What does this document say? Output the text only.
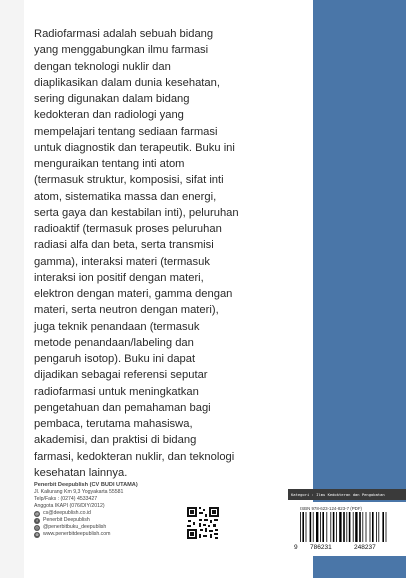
Radiofarmasi adalah sebuah bidang

yang menggabungkan ilmu farmasi

dengan teknologi nuklir dan

diaplikasikan dalam dunia kesehatan,

sering digunakan dalam bidang

kedokteran dan radiologi yang

mempelajari tentang sediaan farmasi

untuk diagnostik dan terapeutik. Buku ini

menguraikan tentang inti atom

(termasuk struktur, komposisi, sifat inti

atom, sistematika massa dan energi,

serta gaya dan kestabilan inti), peluruhan

radioaktif (termasuk proses peluruhan

radiasi alfa dan beta, serta transmisi

gamma), interaksi materi (termasuk

interaksi ion positif dengan materi,

elektron dengan materi, gamma dengan

materi, serta neutron dengan materi),

juga teknik penandaan (termasuk

metode penandaan/labeling dan

pengaruh isotop). Buku ini dapat

dijadikan sebagai referensi seputar

radiofarmasi untuk meningkatkan

pengetahuan dan pemahaman bagi

pembaca, terutama mahasiswa,

akademisi, dan praktisi di bidang

farmasi, kedokteran nuklir, dan teknologi

kesehatan lainnya.

Penerbit Deepublish (CV BUDI UTAMA)
Jl. Kaliurang Km 9,3 Yogyakarta 55581
Telp/Faks : (0274) 4533427
Anggota IKAPI (076/DIY/2012)
@ cs@deepublish.co.id
f	Penerbit Deepublish
◎ @penerbitbuku_deepublish
⊕ www.penerbitdeepublish.com
Kategori : Ilmu Kedokteran dan Pengobatan
ISBN 978-623-124-823-7 (PDF)
9 786231	248237
